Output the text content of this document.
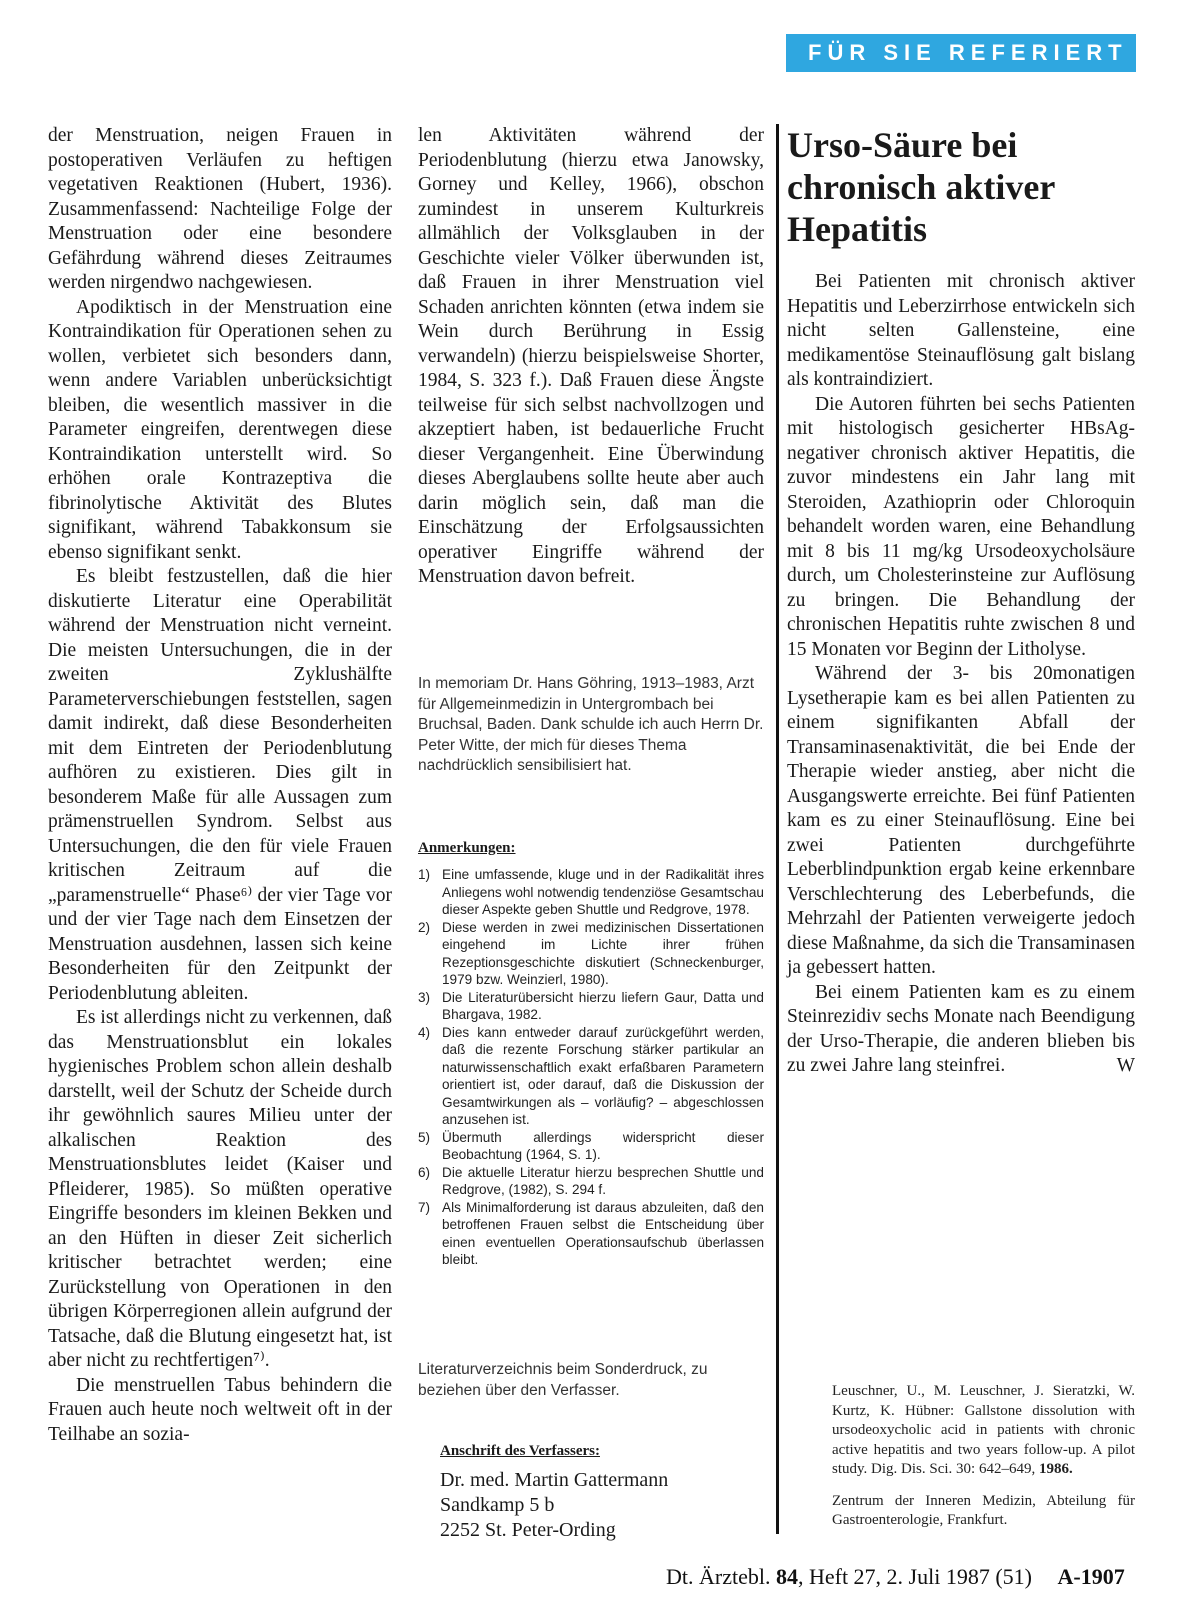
FÜR SIE REFERIERT

der Menstruation, neigen Frauen in postoperativen Verläufen zu heftigen vegetativen Reaktionen (Hubert, 1936). Zusammenfassend: Nachteilige Folge der Menstruation oder eine besondere Gefährdung während dieses Zeitraumes werden nirgendwo nachgewiesen.

Apodiktisch in der Menstruation eine Kontraindikation für Operationen sehen zu wollen, verbietet sich besonders dann, wenn andere Variablen unberücksichtigt bleiben, die wesentlich massiver in die Parameter eingreifen, derentwegen diese Kontraindikation unterstellt wird. So erhöhen orale Kontrazeptiva die fibrinolytische Aktivität des Blutes signifikant, während Tabakkonsum sie ebenso signifikant senkt.

Es bleibt festzustellen, daß die hier diskutierte Literatur eine Operabilität während der Menstruation nicht verneint. Die meisten Untersuchungen, die in der zweiten Zyklushälfte Parameterverschiebungen feststellen, sagen damit indirekt, daß diese Besonderheiten mit dem Eintreten der Periodenblutung aufhören zu existieren. Dies gilt in besonderem Maße für alle Aussagen zum prämenstruellen Syndrom. Selbst aus Untersuchungen, die den für viele Frauen kritischen Zeitraum auf die „paramenstruelle“ Phase⁶⁾ der vier Tage vor und der vier Tage nach dem Einsetzen der Menstruation ausdehnen, lassen sich keine Besonderheiten für den Zeitpunkt der Periodenblutung ableiten.

Es ist allerdings nicht zu verkennen, daß das Menstruationsblut ein lokales hygienisches Problem schon allein deshalb darstellt, weil der Schutz der Scheide durch ihr gewöhnlich saures Milieu unter der alkalischen Reaktion des Menstruationsblutes leidet (Kaiser und Pfleiderer, 1985). So müßten operative Eingriffe besonders im kleinen Bekken und an den Hüften in dieser Zeit sicherlich kritischer betrachtet werden; eine Zurückstellung von Operationen in den übrigen Körperregionen allein aufgrund der Tatsache, daß die Blutung eingesetzt hat, ist aber nicht zu rechtfertigen⁷⁾.

Die menstruellen Tabus behindern die Frauen auch heute noch weltweit oft in der Teilhabe an sozia-

len Aktivitäten während der Periodenblutung (hierzu etwa Janowsky, Gorney und Kelley, 1966), obschon zumindest in unserem Kulturkreis allmählich der Volksglauben in der Geschichte vieler Völker überwunden ist, daß Frauen in ihrer Menstruation viel Schaden anrichten könnten (etwa indem sie Wein durch Berührung in Essig verwandeln) (hierzu beispielsweise Shorter, 1984, S. 323 f.). Daß Frauen diese Ängste teilweise für sich selbst nachvollzogen und akzeptiert haben, ist bedauerliche Frucht dieser Vergangenheit. Eine Überwindung dieses Aberglaubens sollte heute aber auch darin möglich sein, daß man die Einschätzung der Erfolgsaussichten operativer Eingriffe während der Menstruation davon befreit.

In memoriam Dr. Hans Göhring, 1913–1983, Arzt für Allgemeinmedizin in Untergrombach bei Bruchsal, Baden. Dank schulde ich auch Herrn Dr. Peter Witte, der mich für dieses Thema nachdrücklich sensibilisiert hat.
Anmerkungen:
1) Eine umfassende, kluge und in der Radikalität ihres Anliegens wohl notwendig tendenziöse Gesamtschau dieser Aspekte geben Shuttle und Redgrove, 1978.
2) Diese werden in zwei medizinischen Dissertationen eingehend im Lichte ihrer frühen Rezeptionsgeschichte diskutiert (Schneckenburger, 1979 bzw. Weinzierl, 1980).
3) Die Literaturübersicht hierzu liefern Gaur, Datta und Bhargava, 1982.
4) Dies kann entweder darauf zurückgeführt werden, daß die rezente Forschung stärker partikular an naturwissenschaftlich exakt erfaßbaren Parametern orientiert ist, oder darauf, daß die Diskussion der Gesamtwirkungen als – vorläufig? – abgeschlossen anzusehen ist.
5) Übermuth allerdings widerspricht dieser Beobachtung (1964, S. 1).
6) Die aktuelle Literatur hierzu besprechen Shuttle und Redgrove, (1982), S. 294 f.
7) Als Minimalforderung ist daraus abzuleiten, daß den betroffenen Frauen selbst die Entscheidung über einen eventuellen Operationsaufschub überlassen bleibt.
Literaturverzeichnis beim Sonderdruck, zu beziehen über den Verfasser.
Anschrift des Verfassers:
Dr. med. Martin Gattermann
Sandkamp 5 b
2252 St. Peter-Ording
Urso-Säure bei chronisch aktiver Hepatitis

Bei Patienten mit chronisch aktiver Hepatitis und Leberzirrhose entwickeln sich nicht selten Gallensteine, eine medikamentöse Steinauflösung galt bislang als kontraindiziert.

Die Autoren führten bei sechs Patienten mit histologisch gesicherter HBsAg-negativer chronisch aktiver Hepatitis, die zuvor mindestens ein Jahr lang mit Steroiden, Azathioprin oder Chloroquin behandelt worden waren, eine Behandlung mit 8 bis 11 mg/kg Ursodeoxycholsäure durch, um Cholesterinsteine zur Auflösung zu bringen. Die Behandlung der chronischen Hepatitis ruhte zwischen 8 und 15 Monaten vor Beginn der Litholyse.

Während der 3- bis 20monatigen Lysetherapie kam es bei allen Patienten zu einem signifikanten Abfall der Transaminasenaktivität, die bei Ende der Therapie wieder anstieg, aber nicht die Ausgangswerte erreichte. Bei fünf Patienten kam es zu einer Steinauflösung. Eine bei zwei Patienten durchgeführte Leberblindpunktion ergab keine erkennbare Verschlechterung des Leberbefunds, die Mehrzahl der Patienten verweigerte jedoch diese Maßnahme, da sich die Transaminasen ja gebessert hatten.

Bei einem Patienten kam es zu einem Steinrezidiv sechs Monate nach Beendigung der Urso-Therapie, die anderen blieben bis zu zwei Jahre lang steinfrei.	W

Leuschner, U., M. Leuschner, J. Sieratzki, W. Kurtz, K. Hübner: Gallstone dissolution with ursodeoxycholic acid in patients with chronic active hepatitis and two years follow-up. A pilot study. Dig. Dis. Sci. 30: 642–649, 1986.

Zentrum der Inneren Medizin, Abteilung für Gastroenterologie, Frankfurt.

Dt. Ärztebl. 84, Heft 27, 2. Juli 1987 (51) A-1907
